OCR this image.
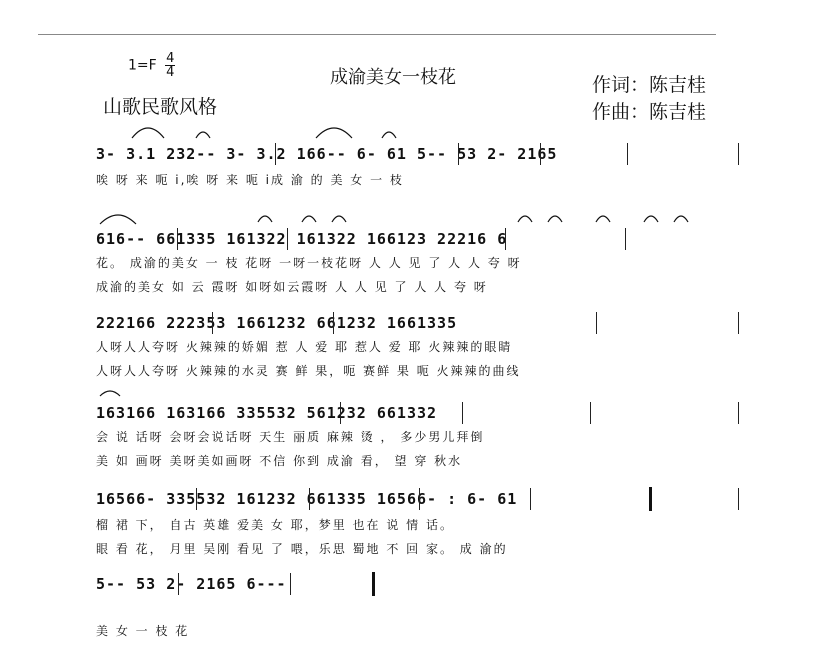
$1=F \frac{4}{4}$	成渝美女一枝花
山歌民歌风格
作词：陈吉桂
作曲：陈吉桂
3- 3.1 232-- 3- 3.2 166-- 6- 61 5-- 53 2- 2165
唉 呀 来 呃 i,唉 呀 来 呃 i成 渝 的 美 女 一 枝
616-- 661335 161322 161322 166123 22216 6
花。 成渝的美女 一 枝 花呀 一呀一枝花呀 人 人 见 了 人 人 夸 呀
成渝的美女 如 云 霞呀 如呀如云霞呀 人 人 见 了 人 人 夸 呀
222166 222353 1661232 661232 1661335
人呀人人夸呀 火辣辣的娇媚 惹 人 爱 耶 惹人 爱 耶 火辣辣的眼睛
人呀人人夸呀 火辣辣的水灵 赛 鲜 果，呃 赛鲜 果 呃 火辣辣的曲线
163166 163166 335532 561232 661332
会 说 话呀 会呀会说话呀 天生 丽质 麻辣 烫 ， 多少男儿拜倒
美 如 画呀 美呀美如画呀 不信 你到 成渝 看， 望 穿 秋水
16566- 335532 161232 661335 16566- : 6- 61
榴 裙 下， 自古 英雄 爱美 女 耶，梦里 也在 说 情 话。
眼 看 花， 月里 吴刚 看见 了 喂，乐思 蜀地 不 回 家。 成 渝的
5-- 53 2- 2165 6---
美 女 一 枝 花
